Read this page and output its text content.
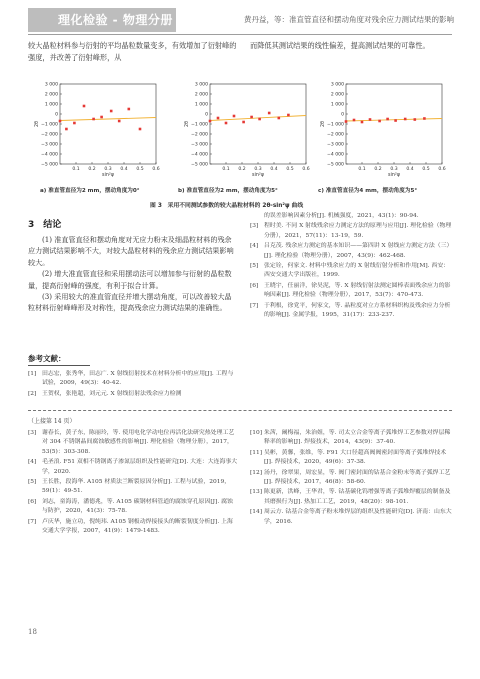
理化检验 - 物理分册	黄丹益，等：准直管直径和摆动角度对残余应力测试结果的影响
较大晶粒材料参与衍射的平均晶粒数量变多，有效增加了衍射峰的强度，并改善了衍射峰形，从
而降低其测试结果的线性偏差，提高测试结果的可靠性。
3 000
2 000
1 000
0
−1 000
−2 000
−3 000
−4 000
−5 000
0.1 0.2 0.3 0.4 0.5 0.6
sin²ψ
2θ
3 000
2 000
1 000
0
−1 000
−2 000
−3 000
−4 000
−5 000
0.1 0.2 0.3 0.4 0.5 0.6
sin²ψ
2θ
3 000
2 000
1 000
0
−1 000
−2 000
−3 000
−4 000
−5 000
0.1 0.2 0.3 0.4 0.5 0.6
sin²ψ
2θ
a) 准直管直径为2 mm，摆动角度为0°	b) 准直管直径为2 mm，摆动角度为5°	c) 准直管直径为4 mm，摆动角度为5°
图 3　采用不同测试参数的较大晶粒材料的 2θ-sin²ψ 曲线
3　结论

(1) 准直管直径和摆动角度对无应力粉末及细晶粒材料的残余应力测试结果影响不大，对较大晶粒材料的残余应力测试结果影响较大。

(2) 增大准直管直径和采用摆动法可以增加参与衍射的晶粒数量，提高衍射峰的强度，有利于拟合计算。

(3) 采用较大的准直管直径并增大摆动角度，可以改善较大晶粒材料衍射峰峰形及对称性，提高残余应力测试结果的准确性。

参考文献：
[1] 田志宏，张秀华，田志广. X 射线衍射技术在材料分析中的应用[J]. 工程与试验，2009，49(3)：40-42.
[2] 王贺权，张艳超，刘元元. X 射线衍射法残余应力检测
的误差影响因素分析[J]. 机械强度，2021，43(1)：90-94.
[3] 程时美. 不同 X 射线残余应力测定方法的原理与应用[J]. 理化检验（物理分册），2021，57(11)：13-19，59.
[4] 吕克茂. 残余应力测定的基本知识——第四讲 X 射线应力测定方法（三）[J]. 理化检验（物理分册），2007，43(9)：462-468.
[5] 张定铨，何家文. 材料中残余应力的 X 射线衍射分析和作用[M]. 西安：西安交通大学出版社，1999.
[6] 王晓宇，任丽洋，徐昊泥，等. X 射线衍射法测定圆棒表面残余应力的影响因素[J]. 理化检验（物理分册），2017，53(7)：470-473.
[7] 于利根，徐党平，何家文，等. 晶粒度对立方系材料织构及残余应力分析的影响[J]. 金属学报，1995，31(17)：233-237.
（上接第 14 页）
[3] 谢春长，黄子东，陈丽玲，等. 使用电化学动电位再活化法研究热处理工艺对 304 不锈钢晶间腐蚀敏感性的影响[J]. 理化检验（物理分册），2017，53(5)：303-308.
[4] 毛圣浪. F51 双相不锈钢离子渗氮层组织及性能研究[D]. 大连：大连海事大学，2020.
[5] 王长胜，段海华. A105 材质法兰断裂原因分析[J]. 工程与试验，2019，59(1)：49-51.
[6] 刘志，童海涛，潘德兆，等. A105 碳钢材料管道的腐蚀穿孔原因[J]. 腐蚀与防护，2020，41(3)：75-78.
[7] 卢庆华，施立功，倪纯玮. A105 钢板动焊接接头的断裂韧度分析[J]. 上海交通大学学报，2007，41(9)：1479-1483.
[10] 朱茜，阚梅福，朱治姐，等. 司太立合金等离子弧堆焊工艺参数对焊层稀释率的影响[J]. 焊接技术，2014，43(9)：37-40.
[11] 吴彬，黄馨，张维，等. F91 大口径超高阀阀密封面等离子弧堆焊技术[J]. 焊接技术，2020，49(6)：37-38.
[12] 汤丹，徐翠果，周宏显，等. 阀门密封面的钴基合金粉末等离子弧焊工艺[J]. 焊接技术，2017，46(8)：58-60.
[13] 陈更新，洪峰，王华君，等. 钴基碳化钨增强等离子弧堆焊覆层的制备及其磨损行为[J]. 热加工工艺，2019，48(20)：98-101.
[14] 周云方. 钴基合金等离子粉末堆焊层的组织及性能研究[D]. 济南：山东大学，2016.
18
